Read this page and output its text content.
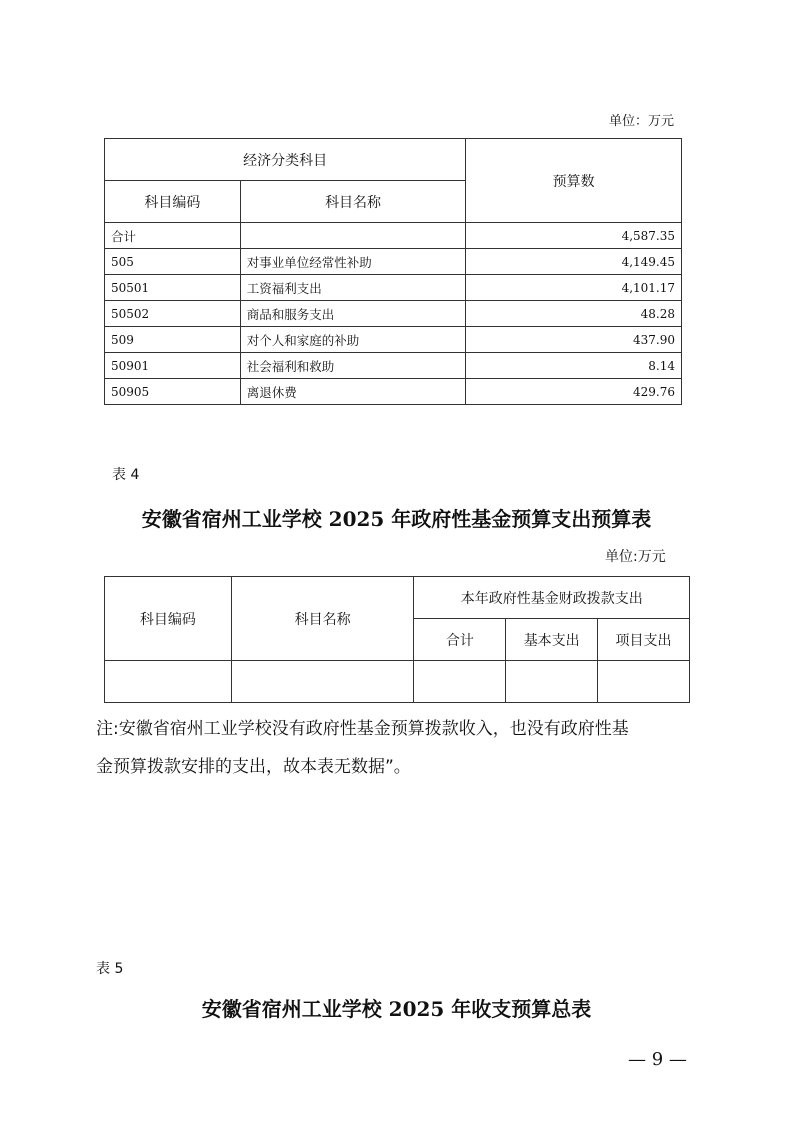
单位：万元
经济分类科目		预算数
科目编码	科目名称	
合计		4,587.35
505	对事业单位经常性补助	4,149.45
50501	工资福利支出	4,101.17
50502	商品和服务支出	48.28
509	对个人和家庭的补助	437.90
50901	社会福利和救助	8.14
50905	离退休费	429.76
表 4
安徽省宿州工业学校 2025 年政府性基金预算支出预算表
单位:万元
科目编码	科目名称	本年政府性基金财政拨款支出		
		合计	基本支出	项目支出

注:安徽省宿州工业学校没有政府性基金预算拨款收入，也没有政府性基
金预算拨款安排的支出，故本表无数据”。
表 5
安徽省宿州工业学校 2025 年收支预算总表
— 9 —
